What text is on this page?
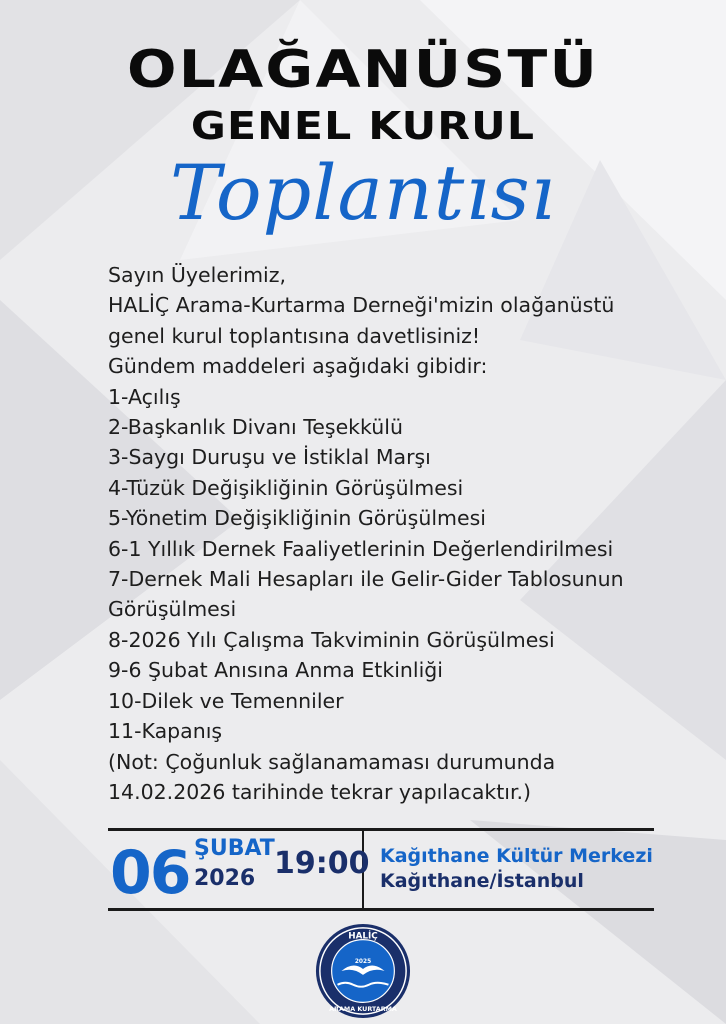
OLAĞANÜSTÜ
GENEL KURUL
Toplantısı
Sayın Üyelerimiz,
HALİÇ Arama-Kurtarma Derneği'mizin olağanüstü
genel kurul toplantısına davetlisiniz!
Gündem maddeleri aşağıdaki gibidir:
1-Açılış
2-Başkanlık Divanı Teşekkülü
3-Saygı Duruşu ve İstiklal Marşı
4-Tüzük Değişikliğinin Görüşülmesi
5-Yönetim Değişikliğinin Görüşülmesi
6-1 Yıllık Dernek Faaliyetlerinin Değerlendirilmesi
7-Dernek Mali Hesapları ile Gelir-Gider Tablosunun
Görüşülmesi
8-2026 Yılı Çalışma Takviminin Görüşülmesi
9-6 Şubat Anısına Anma Etkinliği
10-Dilek ve Temenniler
11-Kapanış
(Not: Çoğunluk sağlanamaması durumunda
14.02.2026 tarihinde tekrar yapılacaktır.)
06 ŞUBAT
2026 19:00 Kağıthane Kültür Merkezi
Kağıthane/İstanbul
HALİÇ
2025
ARAMA KURTARMA
